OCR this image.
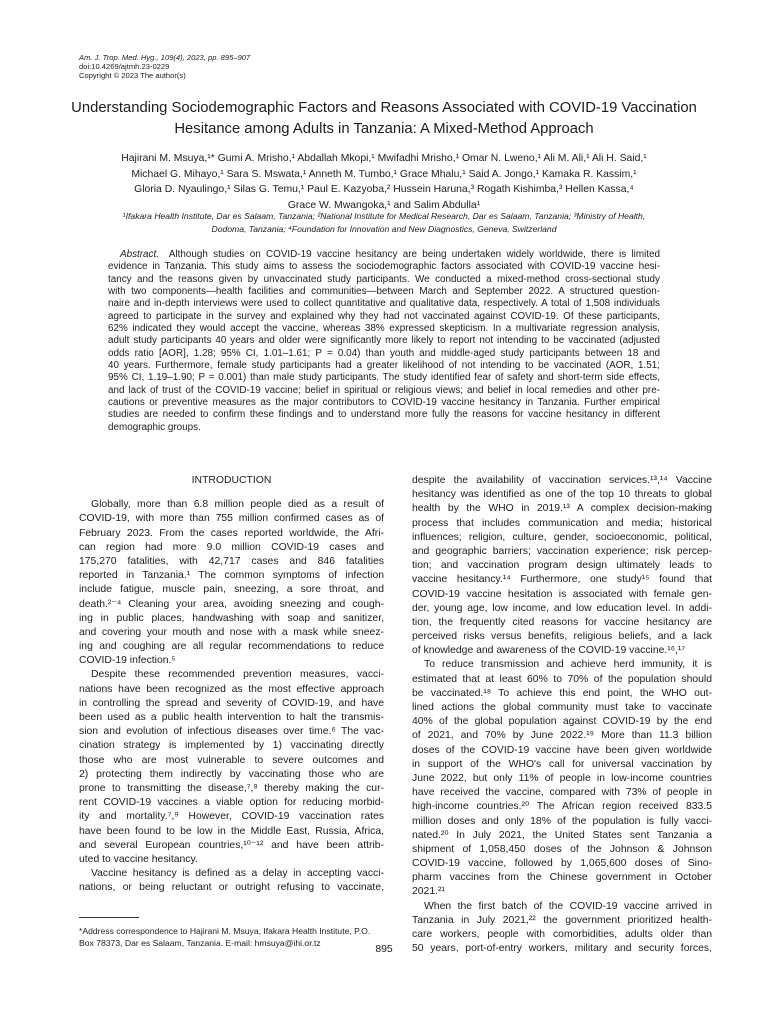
Am. J. Trop. Med. Hyg., 109(4), 2023, pp. 895–907
doi:10.4269/ajtmh.23-0229
Copyright © 2023 The author(s)
Understanding Sociodemographic Factors and Reasons Associated with COVID-19 Vaccination
Hesitance among Adults in Tanzania: A Mixed-Method Approach
Hajirani M. Msuya,¹* Gumi A. Mrisho,¹ Abdallah Mkopi,¹ Mwifadhi Mrisho,¹ Omar N. Lweno,¹ Ali M. Ali,¹ Ali H. Said,¹
Michael G. Mihayo,¹ Sara S. Mswata,¹ Anneth M. Tumbo,¹ Grace Mhalu,¹ Said A. Jongo,¹ Kamaka R. Kassim,¹
Gloria D. Nyaulingo,¹ Silas G. Temu,¹ Paul E. Kazyoba,² Hussein Haruna,³ Rogath Kishimba,³ Hellen Kassa,⁴
Grace W. Mwangoka,¹ and Salim Abdulla¹
¹Ifakara Health Institute, Dar es Salaam, Tanzania; ²National Institute for Medical Research, Dar es Salaam, Tanzania; ³Ministry of Health,
Dodoma, Tanzania; ⁴Foundation for Innovation and New Diagnostics, Geneva, Switzerland
Abstract.  Although studies on COVID-19 vaccine hesitancy are being undertaken widely worldwide, there is limited
evidence in Tanzania. This study aims to assess the sociodemographic factors associated with COVID-19 vaccine hesi-
tancy and the reasons given by unvaccinated study participants. We conducted a mixed-method cross-sectional study
with two components—health facilities and communities—between March and September 2022. A structured question-
naire and in-depth interviews were used to collect quantitative and qualitative data, respectively. A total of 1,508 individuals
agreed to participate in the survey and explained why they had not vaccinated against COVID-19. Of these participants,
62% indicated they would accept the vaccine, whereas 38% expressed skepticism. In a multivariate regression analysis,
adult study participants 40 years and older were significantly more likely to report not intending to be vaccinated (adjusted
odds ratio [AOR], 1.28; 95% CI, 1.01–1.61; P = 0.04) than youth and middle-aged study participants between 18 and
40 years. Furthermore, female study participants had a greater likelihood of not intending to be vaccinated (AOR, 1.51;
95% CI, 1.19–1.90; P = 0.001) than male study participants. The study identified fear of safety and short-term side effects,
and lack of trust of the COVID-19 vaccine; belief in spiritual or religious views; and belief in local remedies and other pre-
cautions or preventive measures as the major contributors to COVID-19 vaccine hesitancy in Tanzania. Further empirical
studies are needed to confirm these findings and to understand more fully the reasons for vaccine hesitancy in different
demographic groups.
INTRODUCTION
Globally, more than 6.8 million people died as a result of
COVID-19, with more than 755 million confirmed cases as of
February 2023. From the cases reported worldwide, the Afri-
can region had more 9.0 million COVID-19 cases and
175,270 fatalities, with 42,717 cases and 846 fatalities
reported in Tanzania.¹ The common symptoms of infection
include fatigue, muscle pain, sneezing, a sore throat, and
death.²⁻⁴ Cleaning your area, avoiding sneezing and cough-
ing in public places, handwashing with soap and sanitizer,
and covering your mouth and nose with a mask while sneez-
ing and coughing are all regular recommendations to reduce
COVID-19 infection.⁵
Despite these recommended prevention measures, vacci-
nations have been recognized as the most effective approach
in controlling the spread and severity of COVID-19, and have
been used as a public health intervention to halt the transmis-
sion and evolution of infectious diseases over time.⁶ The vac-
cination strategy is implemented by 1) vaccinating directly
those who are most vulnerable to severe outcomes and
2) protecting them indirectly by vaccinating those who are
prone to transmitting the disease,⁷,⁸ thereby making the cur-
rent COVID-19 vaccines a viable option for reducing morbid-
ity and mortality.⁷,⁹ However, COVID-19 vaccination rates
have been found to be low in the Middle East, Russia, Africa,
and several European countries,¹⁰⁻¹² and have been attrib-
uted to vaccine hesitancy.
Vaccine hesitancy is defined as a delay in accepting vacci-
nations, or being reluctant or outright refusing to vaccinate,
despite the availability of vaccination services.¹³,¹⁴ Vaccine
hesitancy was identified as one of the top 10 threats to global
health by the WHO in 2019.¹³ A complex decision-making
process that includes communication and media; historical
influences; religion, culture, gender, socioeconomic, political,
and geographic barriers; vaccination experience; risk percep-
tion; and vaccination program design ultimately leads to
vaccine hesitancy.¹⁴ Furthermore, one study¹⁵ found that
COVID-19 vaccine hesitation is associated with female gen-
der, young age, low income, and low education level. In addi-
tion, the frequently cited reasons for vaccine hesitancy are
perceived risks versus benefits, religious beliefs, and a lack
of knowledge and awareness of the COVID-19 vaccine.¹⁶,¹⁷
To reduce transmission and achieve herd immunity, it is
estimated that at least 60% to 70% of the population should
be vaccinated.¹⁸ To achieve this end point, the WHO out-
lined actions the global community must take to vaccinate
40% of the global population against COVID-19 by the end
of 2021, and 70% by June 2022.¹⁹ More than 11.3 billion
doses of the COVID-19 vaccine have been given worldwide
in support of the WHO's call for universal vaccination by
June 2022, but only 11% of people in low-income countries
have received the vaccine, compared with 73% of people in
high-income countries.²⁰ The African region received 833.5
million doses and only 18% of the population is fully vacci-
nated.²⁰ In July 2021, the United States sent Tanzania a
shipment of 1,058,450 doses of the Johnson & Johnson
COVID-19 vaccine, followed by 1,065,600 doses of Sino-
pharm vaccines from the Chinese government in October
2021.²¹
When the first batch of the COVID-19 vaccine arrived in
Tanzania in July 2021,²² the government prioritized health-
care workers, people with comorbidities, adults older than
50 years, port-of-entry workers, military and security forces,
*Address correspondence to Hajirani M. Msuya, Ifakara Health Institute, P.O. Box 78373, Dar es Salaam, Tanzania. E-mail: hmsuya@ihi.or.tz
895
